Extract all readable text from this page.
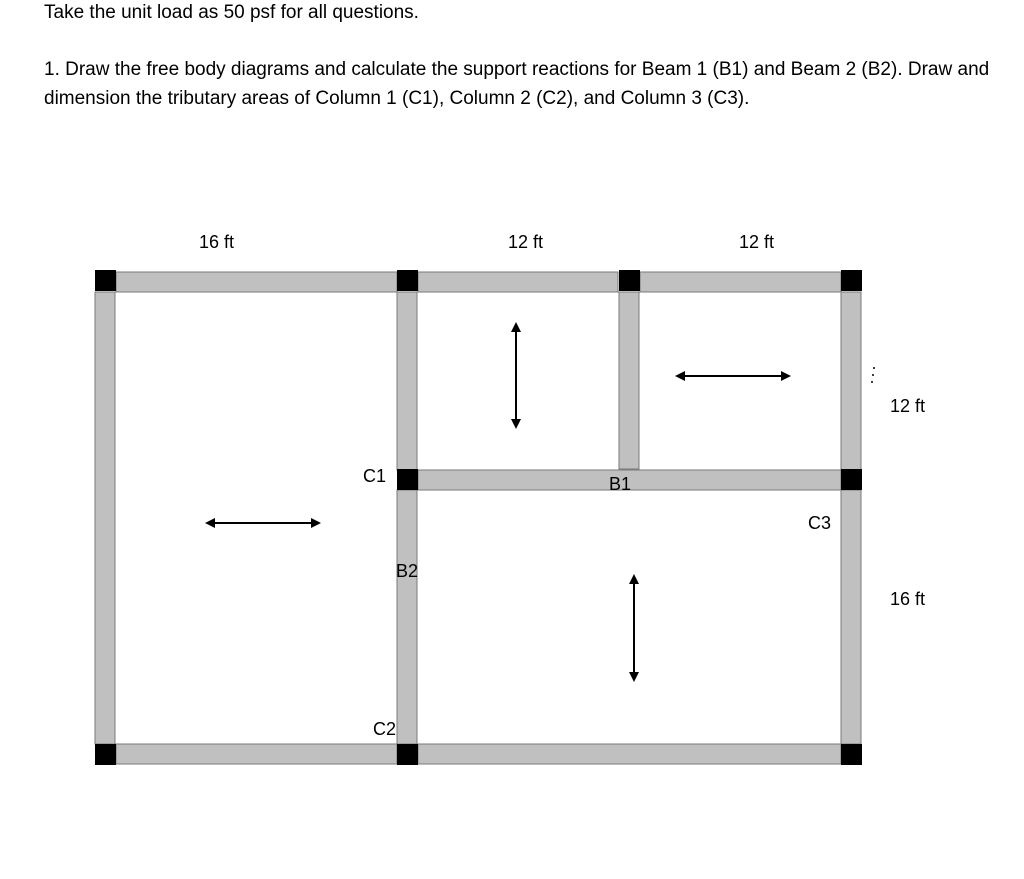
Take the unit load as 50 psf for all questions.
1. Draw the free body diagrams and calculate the support reactions for Beam 1 (B1) and Beam 2 (B2). Draw and dimension the tributary areas of Column 1 (C1), Column 2 (C2), and Column 3 (C3).
16 ft	12 ft	12 ft
12 ft
16 ft
C1
C2
C3
B1
B2
